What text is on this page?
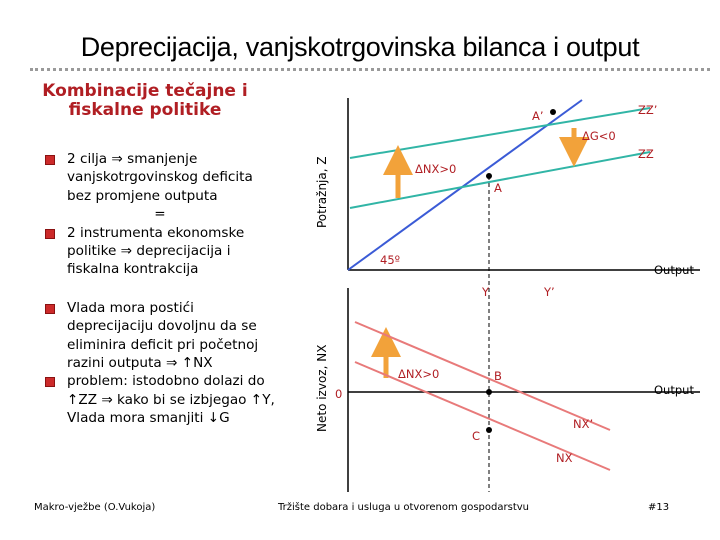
Deprecijacija, vanjskotrgovinska bilanca i output
Kombinacije tečajne i fiskalne politike
2 cilja ⇒ smanjenje vanjskotrgovinskog deficita bez promjene outputa
=
2 instrumenta ekonomske politike ⇒ deprecijacija i fiskalna kontrakcija
Vlada mora postići deprecijaciju dovoljnu da se eliminira deficit pri početnoj razini outputa ⇒ ↑NX
problem: istodobno dolazi do ↑ZZ ⇒ kako bi se izbjegao ↑Y, Vlada mora smanjiti ↓G
Potražnja, Z
Neto izvoz, NX
Output
Output
ZZ’
ZZ
ΔG<0
ΔNX>0
ΔNX>0
A’
A
B
C
45º
Y	Y’
0
NX’
NX
Makro-vježbe (O.Vukoja)	Tržište dobara i usluga u otvorenom gospodarstvu	#13
